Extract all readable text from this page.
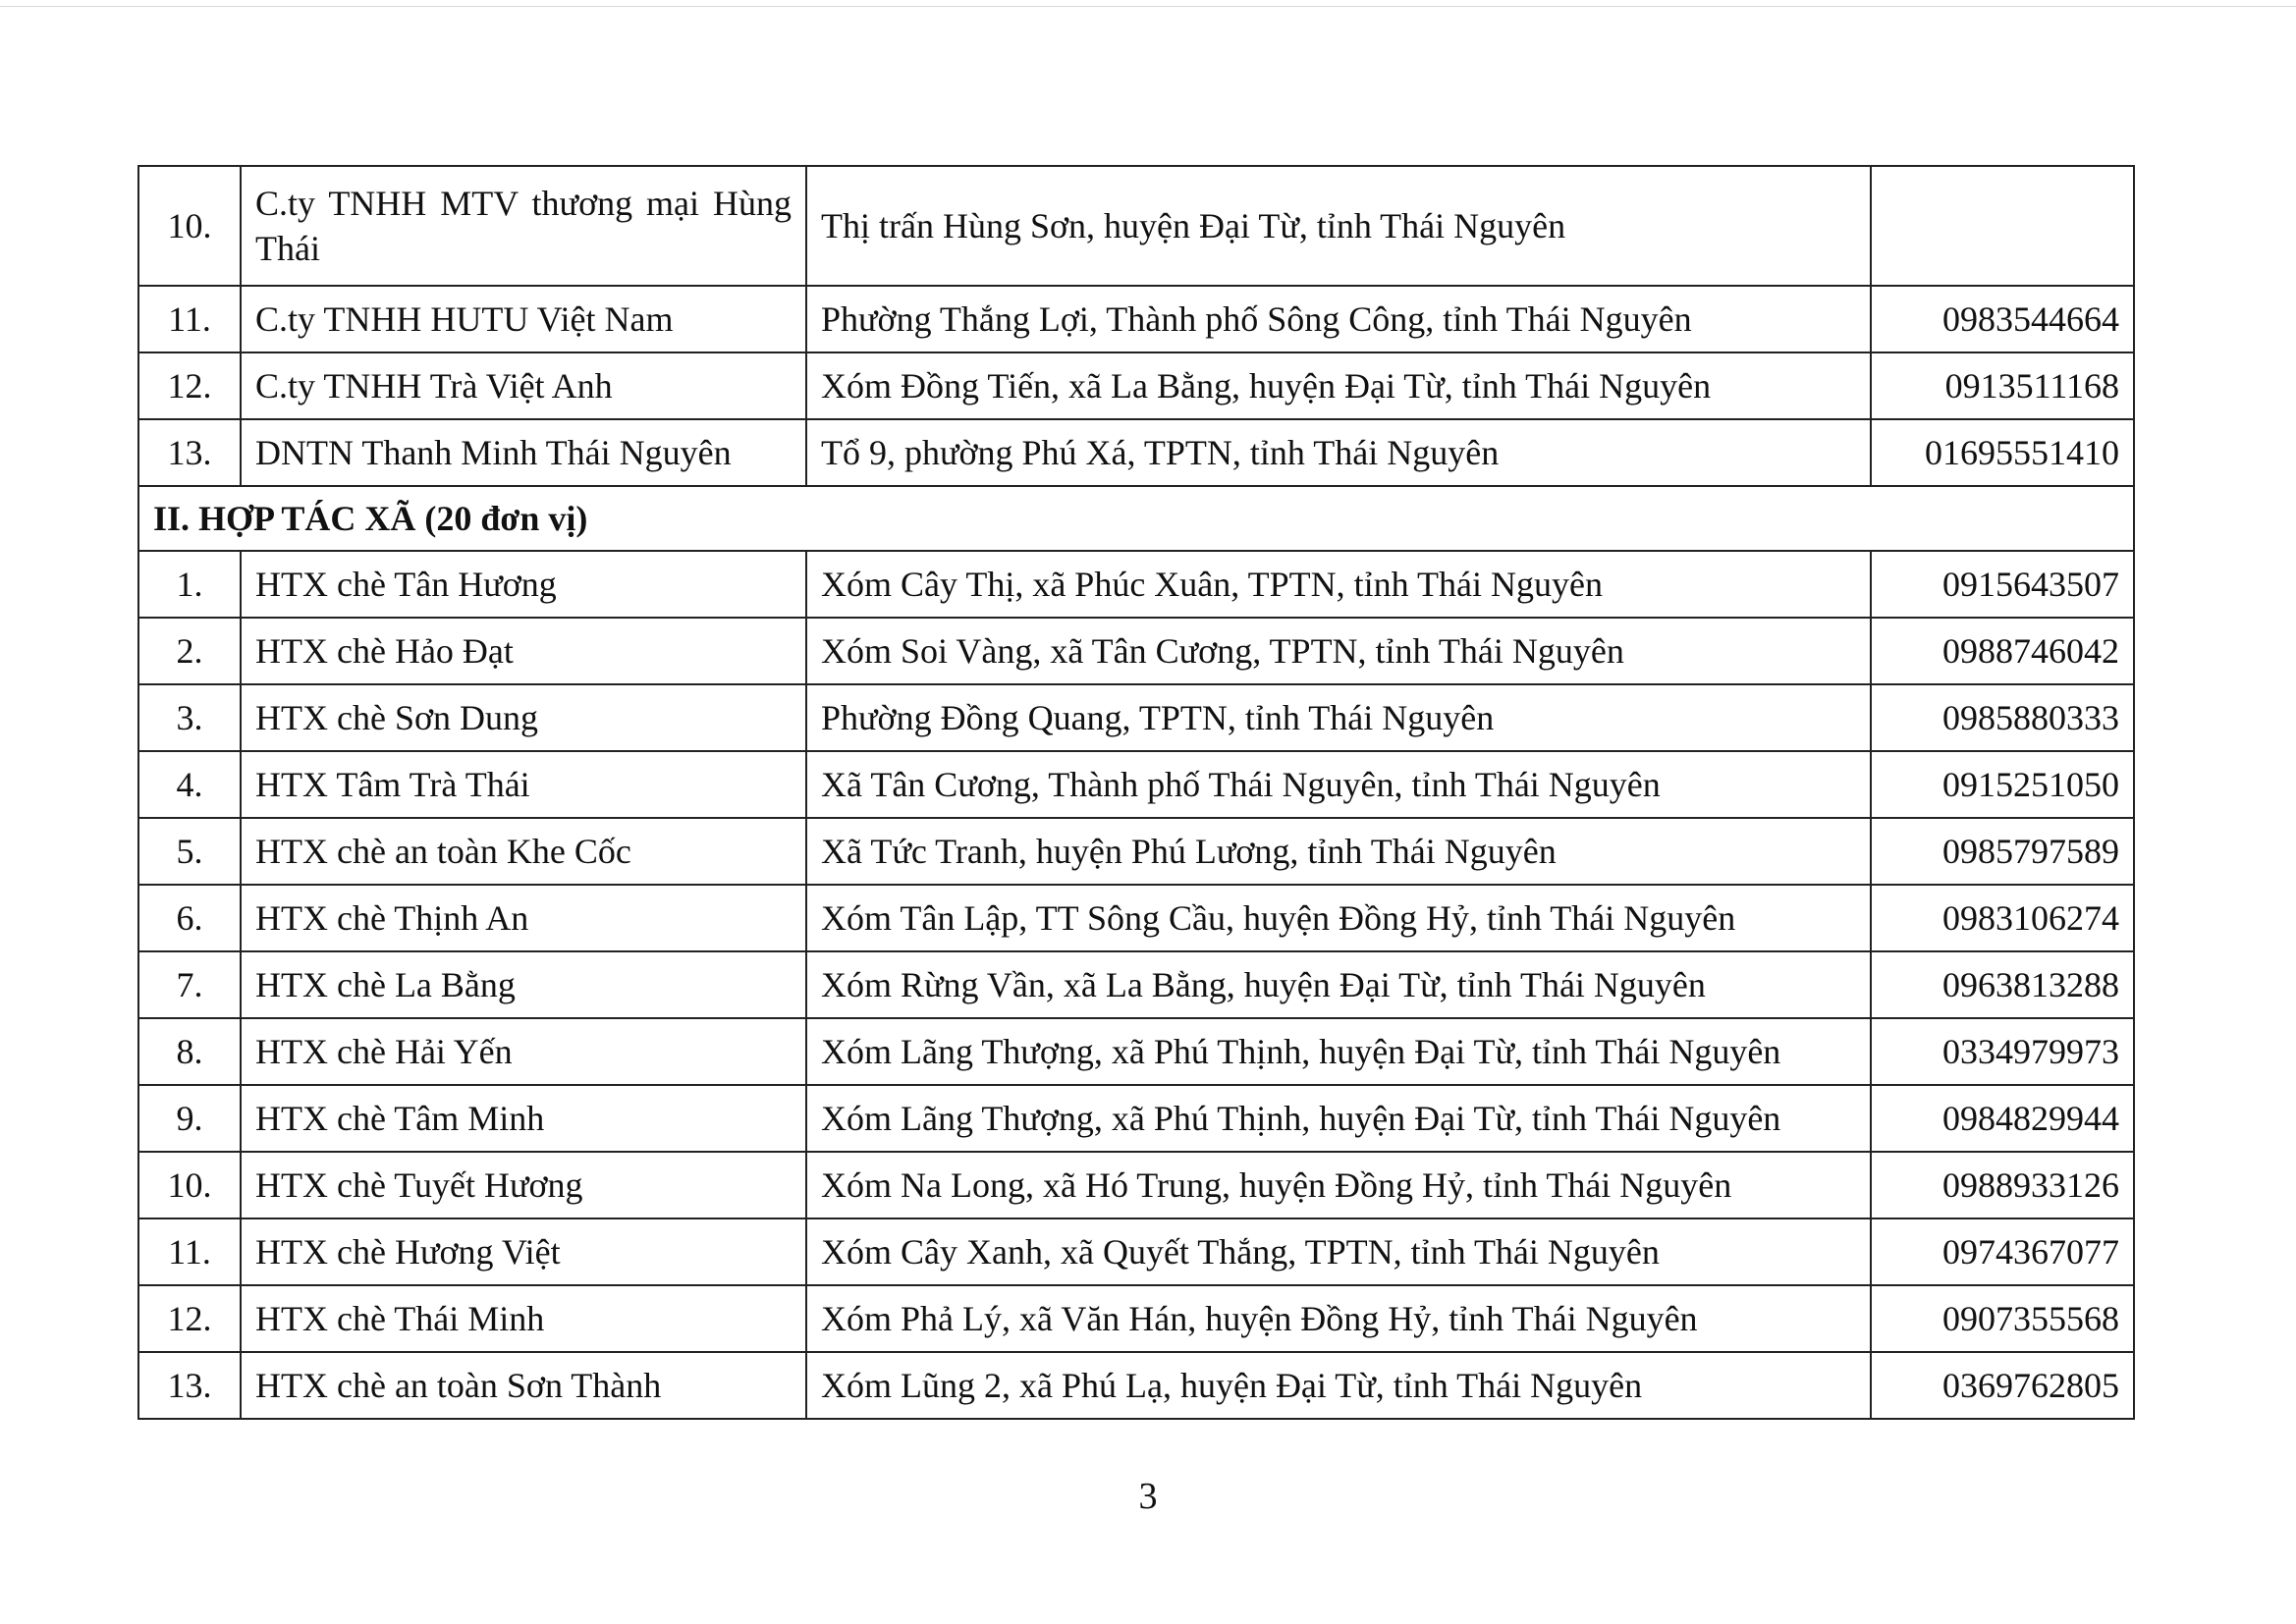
10.	C.ty TNHH MTV thương mại Hùng Thái	Thị trấn Hùng Sơn, huyện Đại Từ, tỉnh Thái Nguyên	
11.	C.ty TNHH HUTU Việt Nam	Phường Thắng Lợi, Thành phố Sông Công, tỉnh Thái Nguyên	0983544664
12.	C.ty TNHH Trà Việt Anh	Xóm Đồng Tiến, xã La Bằng, huyện Đại Từ, tỉnh Thái Nguyên	0913511168
13.	DNTN Thanh Minh Thái Nguyên	Tổ 9, phường Phú Xá, TPTN, tỉnh Thái Nguyên	01695551410
II. HỢP TÁC XÃ (20 đơn vị)			
1.	HTX chè Tân Hương	Xóm Cây Thị, xã Phúc Xuân, TPTN, tỉnh Thái Nguyên	0915643507
2.	HTX chè Hảo Đạt	Xóm Soi Vàng, xã Tân Cương, TPTN, tỉnh Thái Nguyên	0988746042
3.	HTX chè Sơn Dung	Phường Đồng Quang, TPTN, tỉnh Thái Nguyên	0985880333
4.	HTX Tâm Trà Thái	Xã Tân Cương, Thành phố Thái Nguyên, tỉnh Thái Nguyên	0915251050
5.	HTX chè an toàn Khe Cốc	Xã Tức Tranh, huyện Phú Lương, tỉnh Thái Nguyên	0985797589
6.	HTX chè Thịnh An	Xóm Tân Lập, TT Sông Cầu, huyện Đồng Hỷ, tỉnh Thái Nguyên	0983106274
7.	HTX chè La Bằng	Xóm Rừng Vần, xã La Bằng, huyện Đại Từ, tỉnh Thái Nguyên	0963813288
8.	HTX chè Hải Yến	Xóm Lãng Thượng, xã Phú Thịnh, huyện Đại Từ, tỉnh Thái Nguyên	0334979973
9.	HTX chè Tâm Minh	Xóm Lãng Thượng, xã Phú Thịnh, huyện Đại Từ, tỉnh Thái Nguyên	0984829944
10.	HTX chè Tuyết Hương	Xóm Na Long, xã Hó Trung, huyện Đồng Hỷ, tỉnh Thái Nguyên	0988933126
11.	HTX chè Hương Việt	Xóm Cây Xanh, xã Quyết Thắng, TPTN, tỉnh Thái Nguyên	0974367077
12.	HTX chè Thái Minh	Xóm Phả Lý, xã Văn Hán, huyện Đồng Hỷ, tỉnh Thái Nguyên	0907355568
13.	HTX chè an toàn Sơn Thành	Xóm Lũng 2, xã Phú Lạ, huyện Đại Từ, tỉnh Thái Nguyên	0369762805
3
